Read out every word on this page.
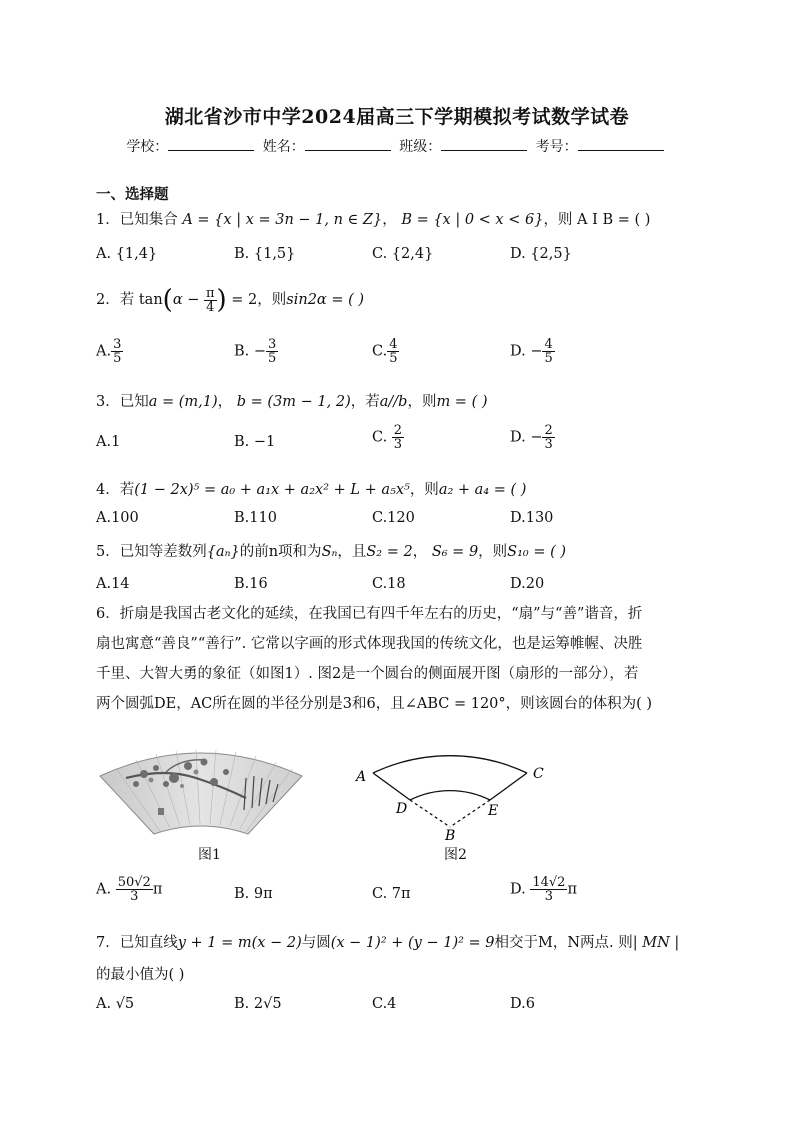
湖北省沙市中学2024届高三下学期模拟考试数学试卷
学校：	姓名：	班级：	考号：
一、选择题
1．已知集合 A = {x | x = 3n − 1, n ∈ Z}， B = {x | 0 < x < 6}，则 A I B = ( )
A. {1,4}	B. {1,5}	C. {2,4}	D. {2,5}
2．若 $\tan(\alpha - \frac{\pi}{4}$ ) = 2，则sin2α = ( )
A. $\frac{3}{5}$	B. − $\frac{3}{5}$	C. $\frac{4}{5}$	D. − $\frac{4}{5}$
3．已知a = (m,1)， b = (3m − 1, 2)，若a//b，则m = ( )
A.1	B. −1	C. $\frac{2}{3}$	D. − $\frac{2}{3}$
4．若(1 − 2x)⁵ = a₀ + a₁x + a₂x² + L + a₅x⁵，则a₂ + a₄ = ( )
A.100	B.110	C.120	D.130
5．已知等差数列{aₙ}的前n项和为Sₙ，且S₂ = 2， S₆ = 9，则S₁₀ = ( )
A.14	B.16	C.18	D.20
6．折扇是我国古老文化的延续，在我国已有四千年左右的历史，“扇”与“善”谐音，折
扇也寓意“善良”“善行”. 它常以字画的形式体现我国的传统文化，也是运筹帷幄、决胜
千里、大智大勇的象征（如图1）. 图2是一个圆台的侧面展开图（扇形的一部分），若
两个圆弧DE，AC所在圆的半径分别是3和6，且∠ABC = 120°，则该圆台的体积为( )
图1
A	C
D	E
B
图2
A. $\frac{50√2}{3}$ π	B. 9π	C. 7π	D. $\frac{14√2}{3}$ π
7．已知直线y + 1 = m(x − 2)与圆(x − 1)² + (y − 1)² = 9相交于M，N两点. 则| MN |
的最小值为( )
A. √5	B. 2√5	C.4	D.6
